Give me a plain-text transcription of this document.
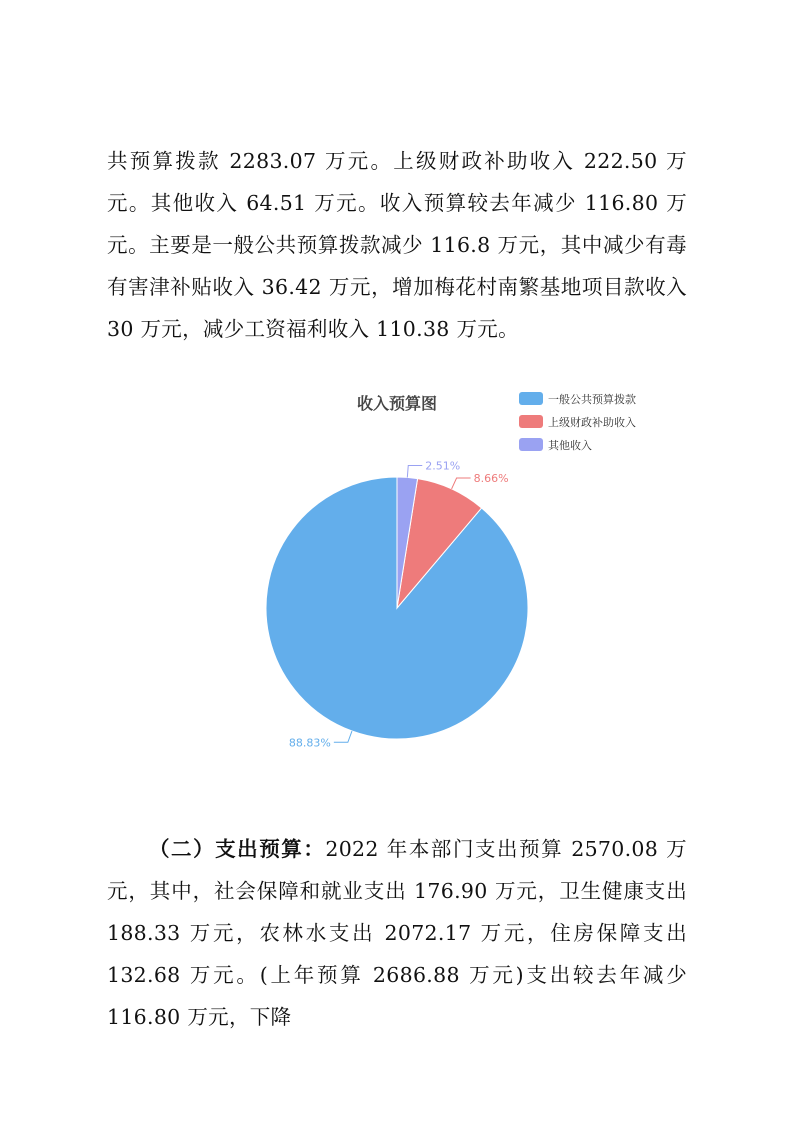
共预算拨款 2283.07 万元。上级财政补助收入 222.50 万元。其他收入 64.51 万元。收入预算较去年减少 116.80 万元。主要是一般公共预算拨款减少 116.8 万元，其中减少有毒有害津补贴收入 36.42 万元，增加梅花村南繁基地项目款收入 30 万元，减少工资福利收入 110.38 万元。

收入预算图
88.83%
8.66%
2.51%
一般公共预算拨款
上级财政补助收入
其他收入

（二）支出预算：2022 年本部门支出预算 2570.08 万元，其中，社会保障和就业支出 176.90 万元，卫生健康支出 188.33 万元，农林水支出 2072.17 万元，住房保障支出 132.68 万元。(上年预算 2686.88 万元)支出较去年减少 116.80 万元，下降
